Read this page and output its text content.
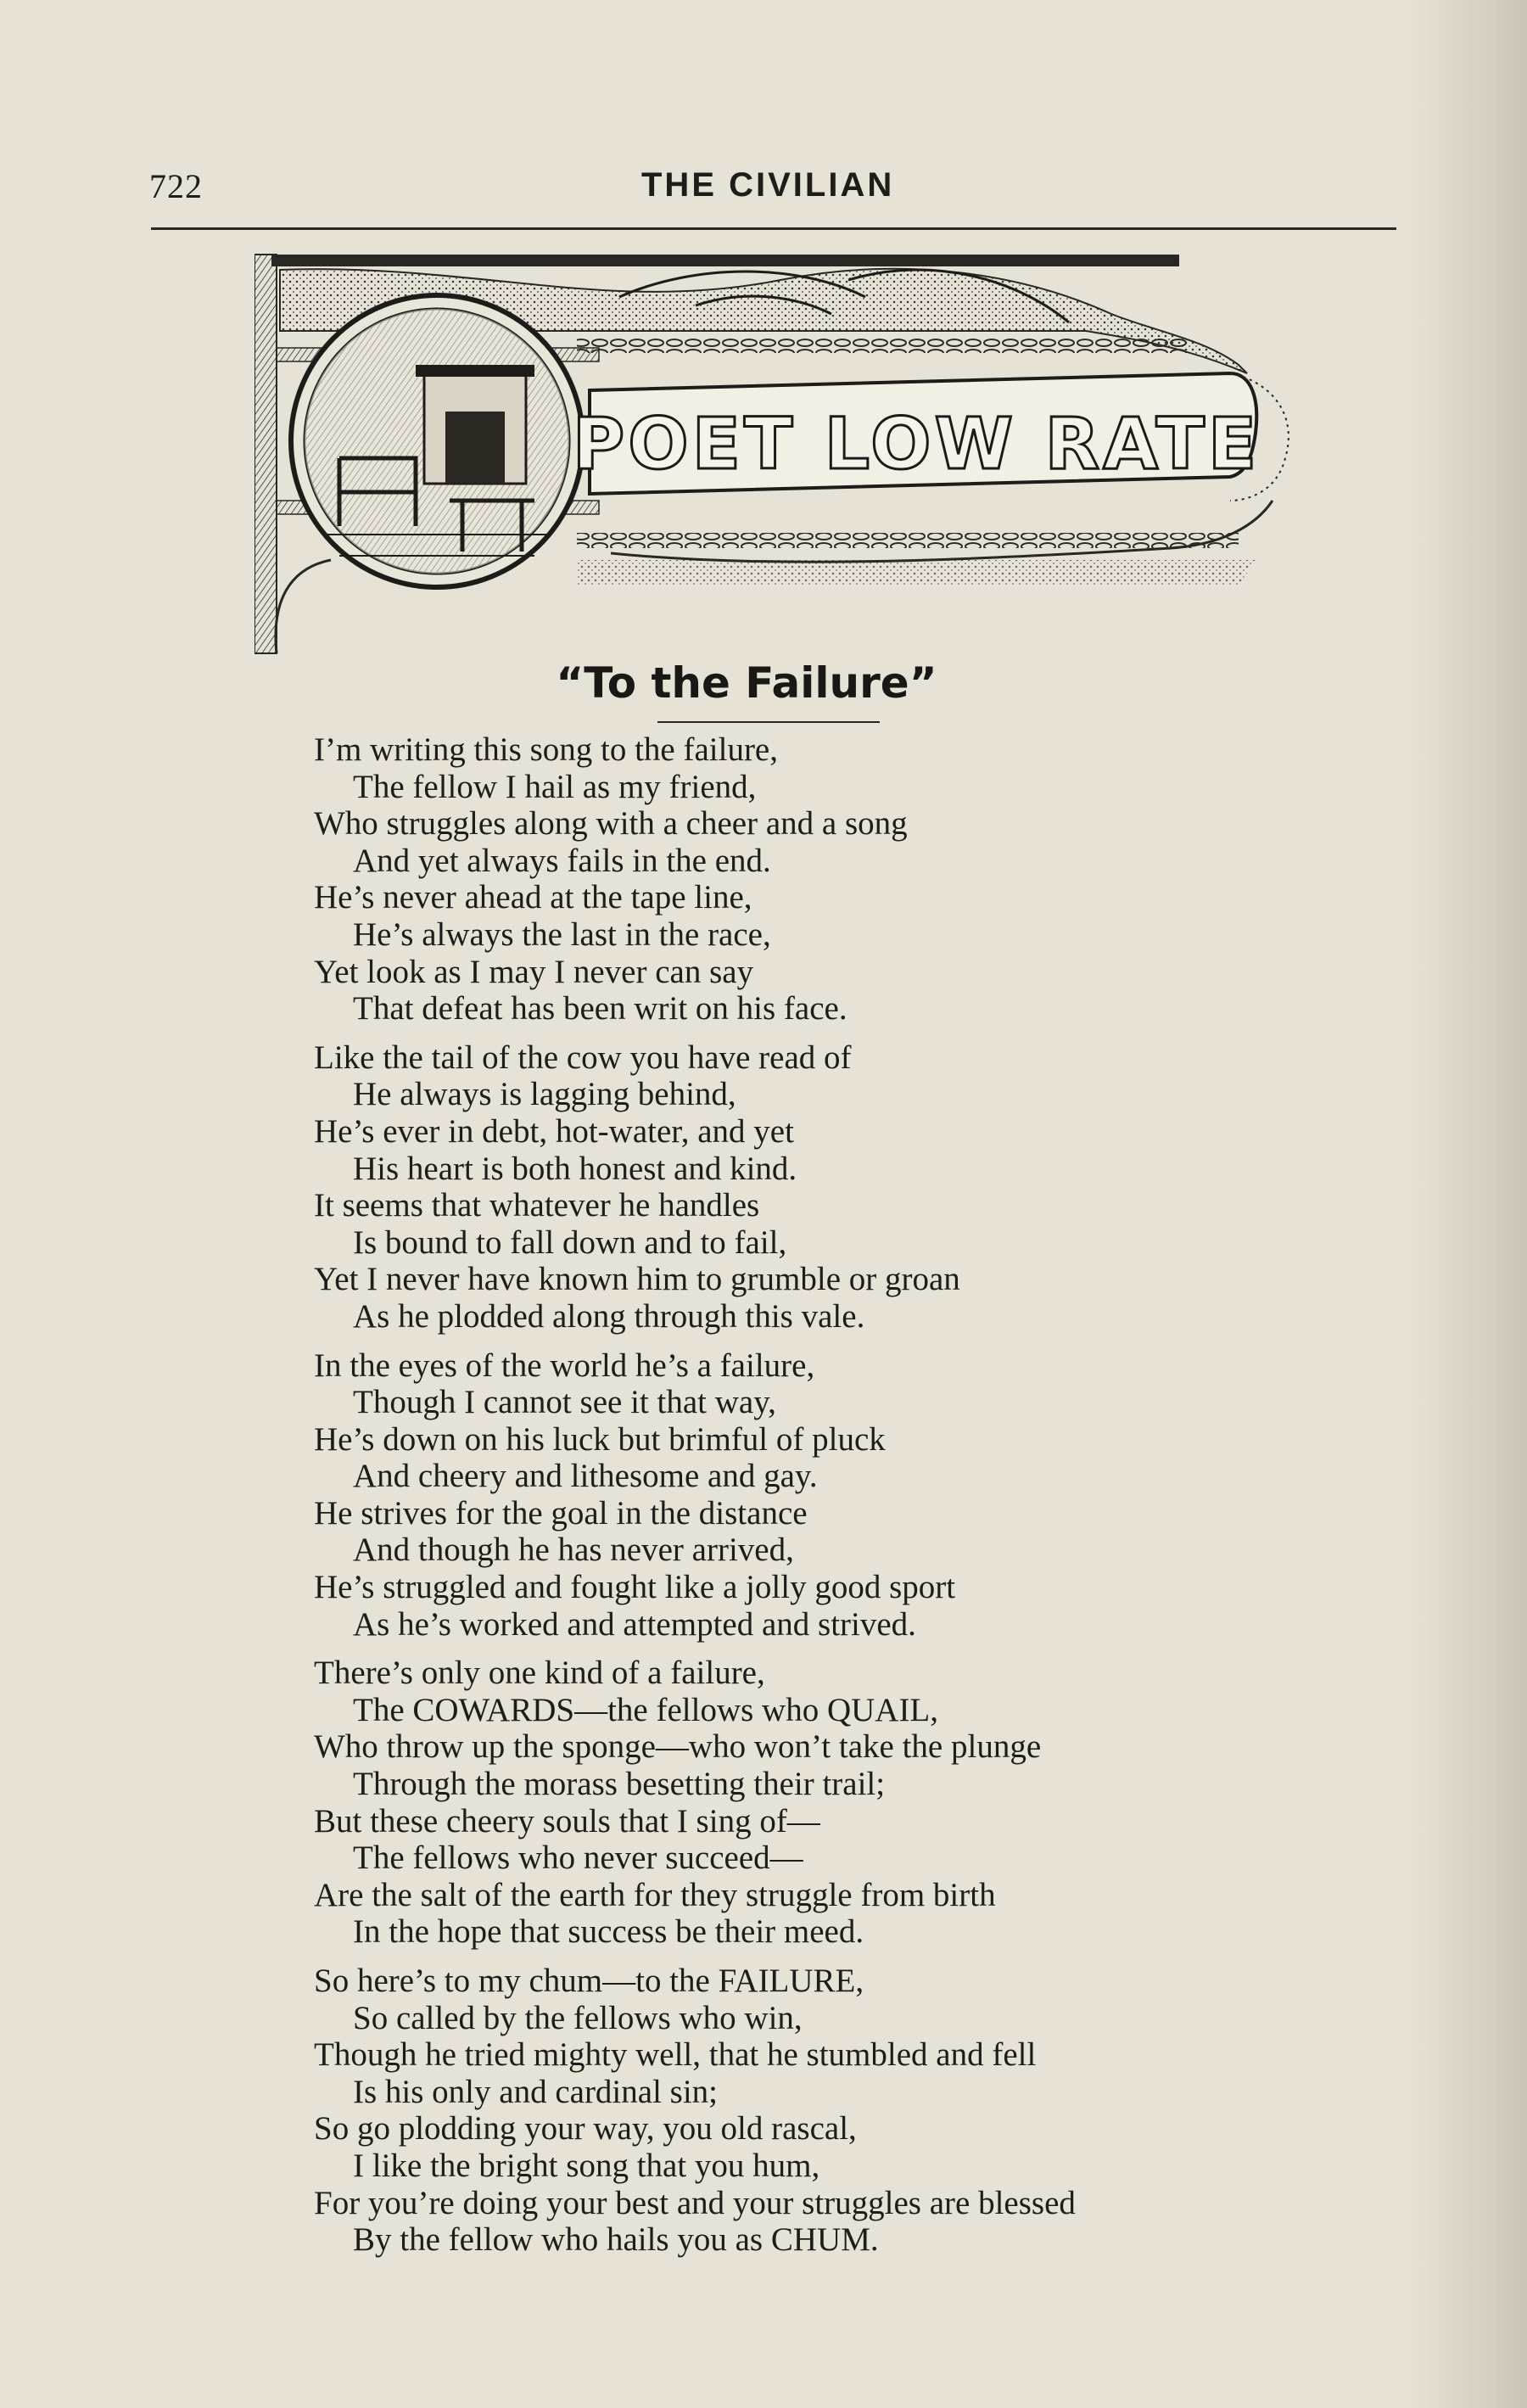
722	THE CIVILIAN
POET LOW RATE
“To the Failure”
I’m writing this song to the failure,
The fellow I hail as my friend,
Who struggles along with a cheer and a song
And yet always fails in the end.
He’s never ahead at the tape line,
He’s always the last in the race,
Yet look as I may I never can say
That defeat has been writ on his face.
Like the tail of the cow you have read of
He always is lagging behind,
He’s ever in debt, hot-water, and yet
His heart is both honest and kind.
It seems that whatever he handles
Is bound to fall down and to fail,
Yet I never have known him to grumble or groan
As he plodded along through this vale.
In the eyes of the world he’s a failure,
Though I cannot see it that way,
He’s down on his luck but brimful of pluck
And cheery and lithesome and gay.
He strives for the goal in the distance
And though he has never arrived,
He’s struggled and fought like a jolly good sport
As he’s worked and attempted and strived.
There’s only one kind of a failure,
The COWARDS—the fellows who QUAIL,
Who throw up the sponge—who won’t take the plunge
Through the morass besetting their trail;
But these cheery souls that I sing of—
The fellows who never succeed—
Are the salt of the earth for they struggle from birth
In the hope that success be their meed.
So here’s to my chum—to the FAILURE,
So called by the fellows who win,
Though he tried mighty well, that he stumbled and fell
Is his only and cardinal sin;
So go plodding your way, you old rascal,
I like the bright song that you hum,
For you’re doing your best and your struggles are blessed
By the fellow who hails you as CHUM.
